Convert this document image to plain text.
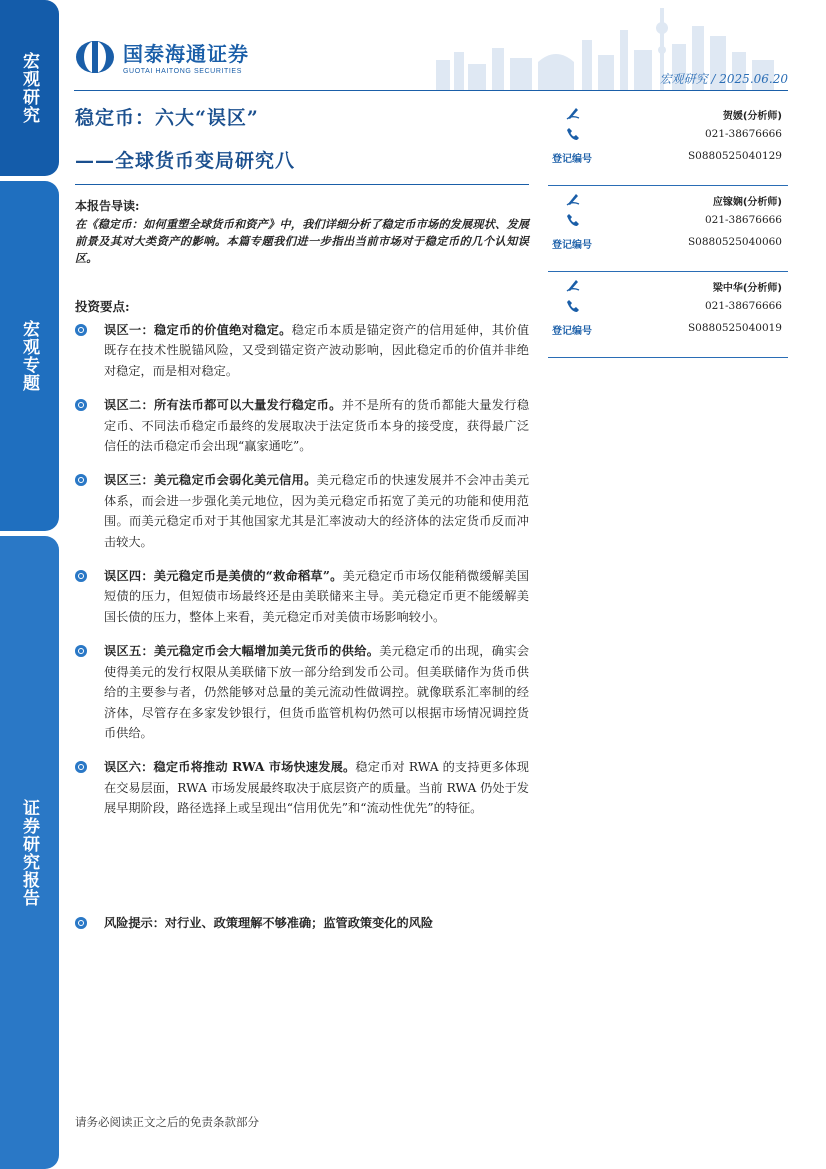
宏观研究
宏观专题
证券研究报告
国泰海通证券
GUOTAI HAITONG SECURITIES
宏观研究 / 2025.06.20
稳定币：六大“误区”
——全球货币变局研究八
本报告导读:
在《稳定币：如何重塑全球货币和资产》中，我们详细分析了稳定币市场的发展现状、发展前景及其对大类资产的影响。本篇专题我们进一步指出当前市场对于稳定币的几个认知误区。
投资要点:
误区一：稳定币的价值绝对稳定。稳定币本质是锚定资产的信用延伸，其价值既存在技术性脱锚风险，又受到锚定资产波动影响，因此稳定币的价值并非绝对稳定，而是相对稳定。
误区二：所有法币都可以大量发行稳定币。并不是所有的货币都能大量发行稳定币、不同法币稳定币最终的发展取决于法定货币本身的接受度，获得最广泛信任的法币稳定币会出现“赢家通吃”。
误区三：美元稳定币会弱化美元信用。美元稳定币的快速发展并不会冲击美元体系，而会进一步强化美元地位，因为美元稳定币拓宽了美元的功能和使用范围。而美元稳定币对于其他国家尤其是汇率波动大的经济体的法定货币反而冲击较大。
误区四：美元稳定币是美债的“救命稻草”。美元稳定币市场仅能稍微缓解美国短债的压力，但短债市场最终还是由美联储来主导。美元稳定币更不能缓解美国长债的压力，整体上来看，美元稳定币对美债市场影响较小。
误区五：美元稳定币会大幅增加美元货币的供给。美元稳定币的出现，确实会使得美元的发行权限从美联储下放一部分给到发币公司。但美联储作为货币供给的主要参与者，仍然能够对总量的美元流动性做调控。就像联系汇率制的经济体，尽管存在多家发钞银行，但货币监管机构仍然可以根据市场情况调控货币供给。
误区六：稳定币将推动 RWA 市场快速发展。稳定币对 RWA 的支持更多体现在交易层面，RWA 市场发展最终取决于底层资产的质量。当前 RWA 仍处于发展早期阶段，路径选择上或呈现出“信用优先”和“流动性优先”的特征。
风险提示：对行业、政策理解不够准确；监管政策变化的风险
贺媛(分析师)
021-38676666
登记编号	S0880525040129
应镓娴(分析师)
021-38676666
登记编号	S0880525040060
梁中华(分析师)
021-38676666
登记编号	S0880525040019
请务必阅读正文之后的免责条款部分
